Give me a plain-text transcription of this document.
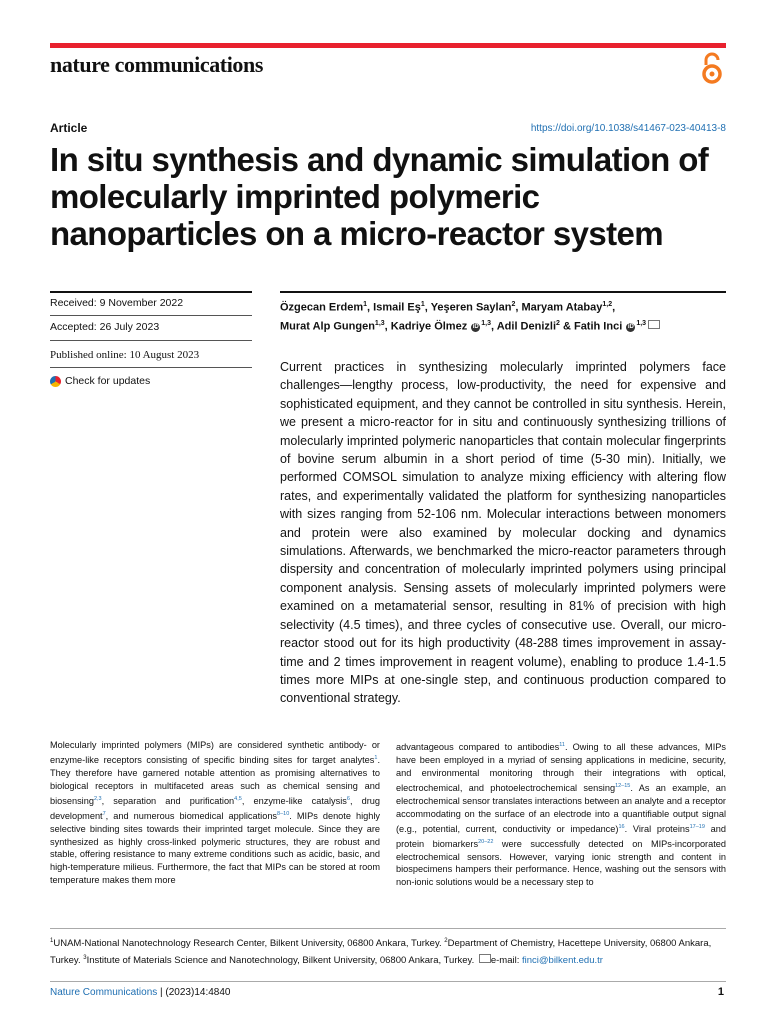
nature communications
Article	https://doi.org/10.1038/s41467-023-40413-8
In situ synthesis and dynamic simulation of molecularly imprinted polymeric nanoparticles on a micro-reactor system
Received: 9 November 2022
Accepted: 26 July 2023
Published online: 10 August 2023
Check for updates
Özgecan Erdem$^1$, Ismail $Eş^1$, Yeşeren Saylan$^2$, Maryam Atabay$^{1,2}$,
Murat Alp Gungen$^{1,3}$, Kadriye Ölmez iD$^{1,3}$, Adil Denizli$^2$ & Fatih Inci iD$^{1,3}$
Current practices in synthesizing molecularly imprinted polymers face challenges—lengthy process, low-productivity, the need for expensive and sophisticated equipment, and they cannot be controlled in situ synthesis. Herein, we present a micro-reactor for in situ and continuously synthesizing trillions of molecularly imprinted polymeric nanoparticles that contain molecular fingerprints of bovine serum albumin in a short period of time (5-30 min). Initially, we performed COMSOL simulation to analyze mixing efficiency with altering flow rates, and experimentally validated the platform for synthesizing nanoparticles with sizes ranging from 52-106 nm. Molecular interactions between monomers and protein were also examined by molecular docking and dynamics simulations. Afterwards, we benchmarked the micro-reactor parameters through dispersity and concentration of molecularly imprinted polymers using principal component analysis. Sensing assets of molecularly imprinted polymers were examined on a metamaterial sensor, resulting in 81% of precision with high selectivity (4.5 times), and three cycles of consecutive use. Overall, our micro-reactor stood out for its high productivity (48-288 times improvement in assay-time and 2 times improvement in reagent volume), enabling to produce 1.4-1.5 times more MIPs at one-single step, and continuous production compared to conventional strategy.
Molecularly imprinted polymers (MIPs) are considered synthetic antibody- or enzyme-like receptors consisting of specific binding sites for target analytes$^1$. They therefore have garnered notable attention as promising alternatives to biological receptors in multifaceted areas such as chemical sensing and biosensing$^{2,3}$, separation and purification$^{4,5}$, enzyme-like catalysis$^6$, drug development$^7$, and numerous biomedical applications$^{8-10}$. MIPs denote highly selective binding sites towards their imprinted target molecule. Since they are synthesized as highly cross-linked polymeric structures, they are robust and stable, offering resistance to many extreme conditions such as acidic, basic, and high-temperature milieus. Furthermore, the fact that MIPs can be stored at room temperature makes them more
advantageous compared to antibodies$^{11}$. Owing to all these advances, MIPs have been employed in a myriad of sensing applications in medicine, security, and environmental monitoring through their integrations with optical, electrochemical, and photoelectrochemical sensing$^{12-15}$. As an example, an electrochemical sensor translates interactions between an analyte and a receptor accommodating on the surface of an electrode into a quantifiable output signal (e.g., potential, current, conductivity or impedance)$^{16}$. Viral proteins$^{17-19}$ and protein biomarkers$^{20-22}$ were successfully detected on MIPs-incorporated electrochemical sensors. However, varying ionic strength and content in biospecimens hampers their performance. Hence, washing out the sensors with non-ionic solutions would be a necessary step to
$^1$UNAM-National Nanotechnology Research Center, Bilkent University, 06800 Ankara, Turkey. $^2$Department of Chemistry, Hacettepe University, 06800 Ankara, Turkey. $^3$Institute of Materials Science and Nanotechnology, Bilkent University, 06800 Ankara, Turkey. e-mail: finci@bilkent.edu.tr
Nature Communications | (2023)14:4840	1
